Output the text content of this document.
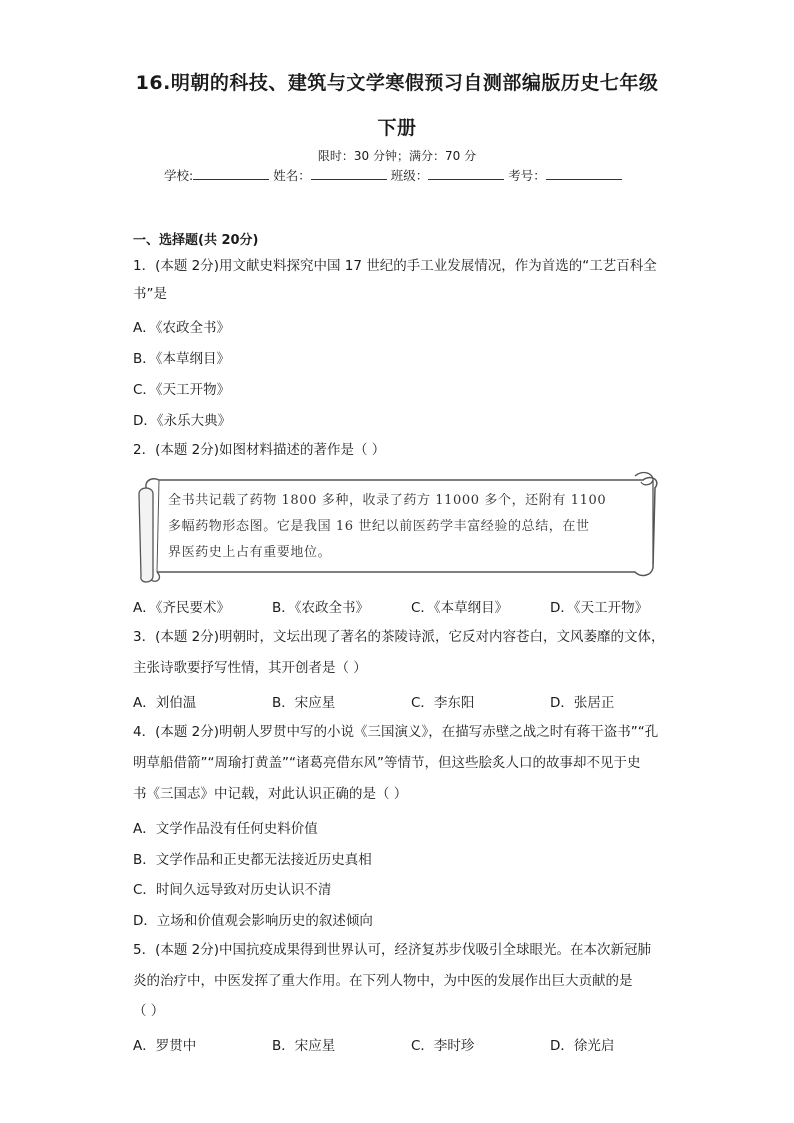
16.明朝的科技、建筑与文学寒假预习自测部编版历史七年级
下册
限时：30 分钟；满分：70 分
学校:	姓名：	班级：	考号：
一、选择题(共 20分)
1．(本题 2分)用文献史料探究中国 17 世纪的手工业发展情况，作为首选的“工艺百科全
书”是
A．《农政全书》
B．《本草纲目》
C．《天工开物》
D．《永乐大典》
2．(本题 2分)如图材料描述的著作是（ ）
全书共记载了药物 1800 多种，收录了药方 11000 多个，还附有 1100
多幅药物形态图。它是我国 16 世纪以前医药学丰富经验的总结，在世
界医药史上占有重要地位。
A．《齐民要术》	B．《农政全书》	C．《本草纲目》	D．《天工开物》
3．(本题 2分)明朝时，文坛出现了著名的茶陵诗派，它反对内容苍白，文风萎靡的文体，
主张诗歌要抒写性情，其开创者是（ ）
A．刘伯温	B．宋应星	C．李东阳	D．张居正
4．(本题 2分)明朝人罗贯中写的小说《三国演义》，在描写赤壁之战之时有蒋干盗书”“孔
明草船借箭”“周瑜打黄盖”“诸葛亮借东风”等情节，但这些脍炙人口的故事却不见于史
书《三国志》中记载，对此认识正确的是（ ）
A．文学作品没有任何史料价值
B．文学作品和正史都无法接近历史真相
C．时间久远导致对历史认识不清
D．立场和价值观会影响历史的叙述倾向
5．(本题 2分)中国抗疫成果得到世界认可，经济复苏步伐吸引全球眼光。在本次新冠肺
炎的治疗中，中医发挥了重大作用。在下列人物中，为中医的发展作出巨大贡献的是
（ ）
A．罗贯中	B．宋应星	C．李时珍	D．徐光启
